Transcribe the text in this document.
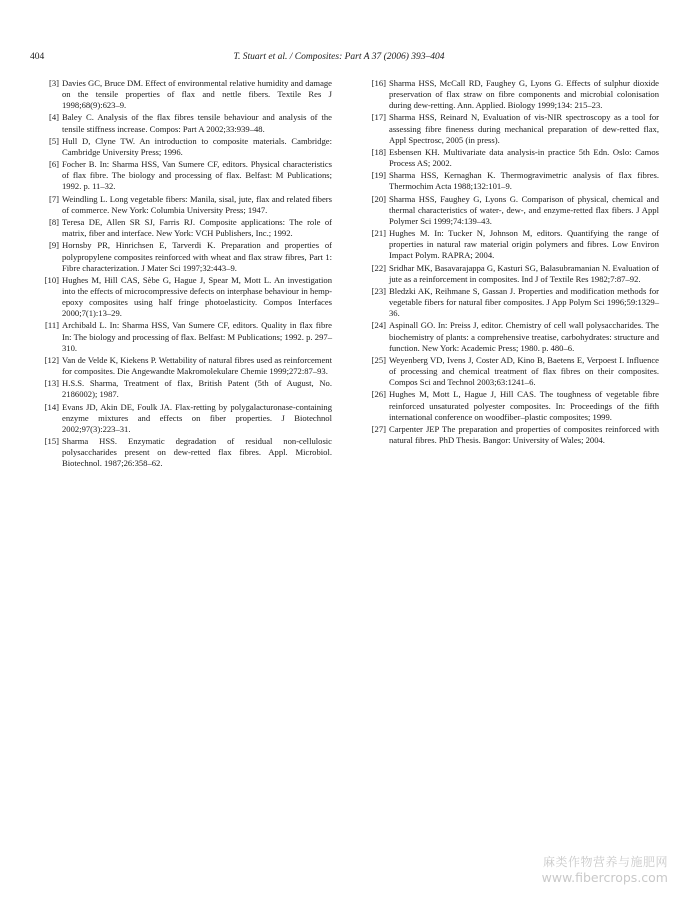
404	T. Stuart et al. / Composites: Part A 37 (2006) 393–404
[3] Davies GC, Bruce DM. Effect of environmental relative humidity and damage on the tensile properties of flax and nettle fibers. Textile Res J 1998;68(9):623–9.
[4] Baley C. Analysis of the flax fibres tensile behaviour and analysis of the tensile stiffness increase. Compos: Part A 2002;33:939–48.
[5] Hull D, Clyne TW. An introduction to composite materials. Cambridge: Cambridge University Press; 1996.
[6] Focher B. In: Sharma HSS, Van Sumere CF, editors. Physical characteristics of flax fibre. The biology and processing of flax. Belfast: M Publications; 1992. p. 11–32.
[7] Weindling L. Long vegetable fibers: Manila, sisal, jute, flax and related fibers of commerce. New York: Columbia University Press; 1947.
[8] Teresa DE, Allen SR SJ, Farris RJ. Composite applications: The role of matrix, fiber and interface. New York: VCH Publishers, Inc.; 1992.
[9] Hornsby PR, Hinrichsen E, Tarverdi K. Preparation and properties of polypropylene composites reinforced with wheat and flax straw fibres, Part 1: Fibre characterization. J Mater Sci 1997;32:443–9.
[10] Hughes M, Hill CAS, Sèbe G, Hague J, Spear M, Mott L. An investigation into the effects of microcompressive defects on interphase behaviour in hemp-epoxy composites using half fringe photoelasticity. Compos Interfaces 2000;7(1):13–29.
[11] Archibald L. In: Sharma HSS, Van Sumere CF, editors. Quality in flax fibre In: The biology and processing of flax. Belfast: M Publications; 1992. p. 297–310.
[12] Van de Velde K, Kiekens P. Wettability of natural fibres used as reinforcement for composites. Die Angewandte Makromolekulare Chemie 1999;272:87–93.
[13] H.S.S. Sharma, Treatment of flax, British Patent (5th of August, No. 2186002); 1987.
[14] Evans JD, Akin DE, Foulk JA. Flax-retting by polygalacturonase-containing enzyme mixtures and effects on fiber properties. J Biotechnol 2002;97(3):223–31.
[15] Sharma HSS. Enzymatic degradation of residual non-cellulosic polysaccharides present on dew-retted flax fibres. Appl. Microbiol. Biotechnol. 1987;26:358–62.
[16] Sharma HSS, McCall RD, Faughey G, Lyons G. Effects of sulphur dioxide preservation of flax straw on fibre components and microbial colonisation during dew-retting. Ann. Applied. Biology 1999;134: 215–23.
[17] Sharma HSS, Reinard N, Evaluation of vis-NIR spectroscopy as a tool for assessing fibre fineness during mechanical preparation of dew-retted flax, Appl Spectrosc, 2005 (in press).
[18] Esbensen KH. Multivariate data analysis-in practice 5th Edn. Oslo: Camos Process AS; 2002.
[19] Sharma HSS, Kernaghan K. Thermogravimetric analysis of flax fibres. Thermochim Acta 1988;132:101–9.
[20] Sharma HSS, Faughey G, Lyons G. Comparison of physical, chemical and thermal characteristics of water-, dew-, and enzyme-retted flax fibers. J Appl Polymer Sci 1999;74:139–43.
[21] Hughes M. In: Tucker N, Johnson M, editors. Quantifying the range of properties in natural raw material origin polymers and fibres. Low Environ Impact Polym. RAPRA; 2004.
[22] Sridhar MK, Basavarajappa G, Kasturi SG, Balasubramanian N. Evaluation of jute as a reinforcement in composites. Ind J of Textile Res 1982;7:87–92.
[23] Bledzki AK, Reihmane S, Gassan J. Properties and modification methods for vegetable fibers for natural fiber composites. J App Polym Sci 1996;59:1329–36.
[24] Aspinall GO. In: Preiss J, editor. Chemistry of cell wall polysaccharides. The biochemistry of plants: a comprehensive treatise, carbohydrates: structure and function. New York: Academic Press; 1980. p. 480–6.
[25] Weyenberg VD, Ivens J, Coster AD, Kino B, Baetens E, Verpoest I. Influence of processing and chemical treatment of flax fibres on their composites. Compos Sci and Technol 2003;63:1241–6.
[26] Hughes M, Mott L, Hague J, Hill CAS. The toughness of vegetable fibre reinforced unsaturated polyester composites. In: Proceedings of the fifth international conference on woodfiber–plastic composites; 1999.
[27] Carpenter JEP The preparation and properties of composites reinforced with natural fibres. PhD Thesis. Bangor: University of Wales; 2004.
麻类作物营养与施肥网
www.fibercrops.com
